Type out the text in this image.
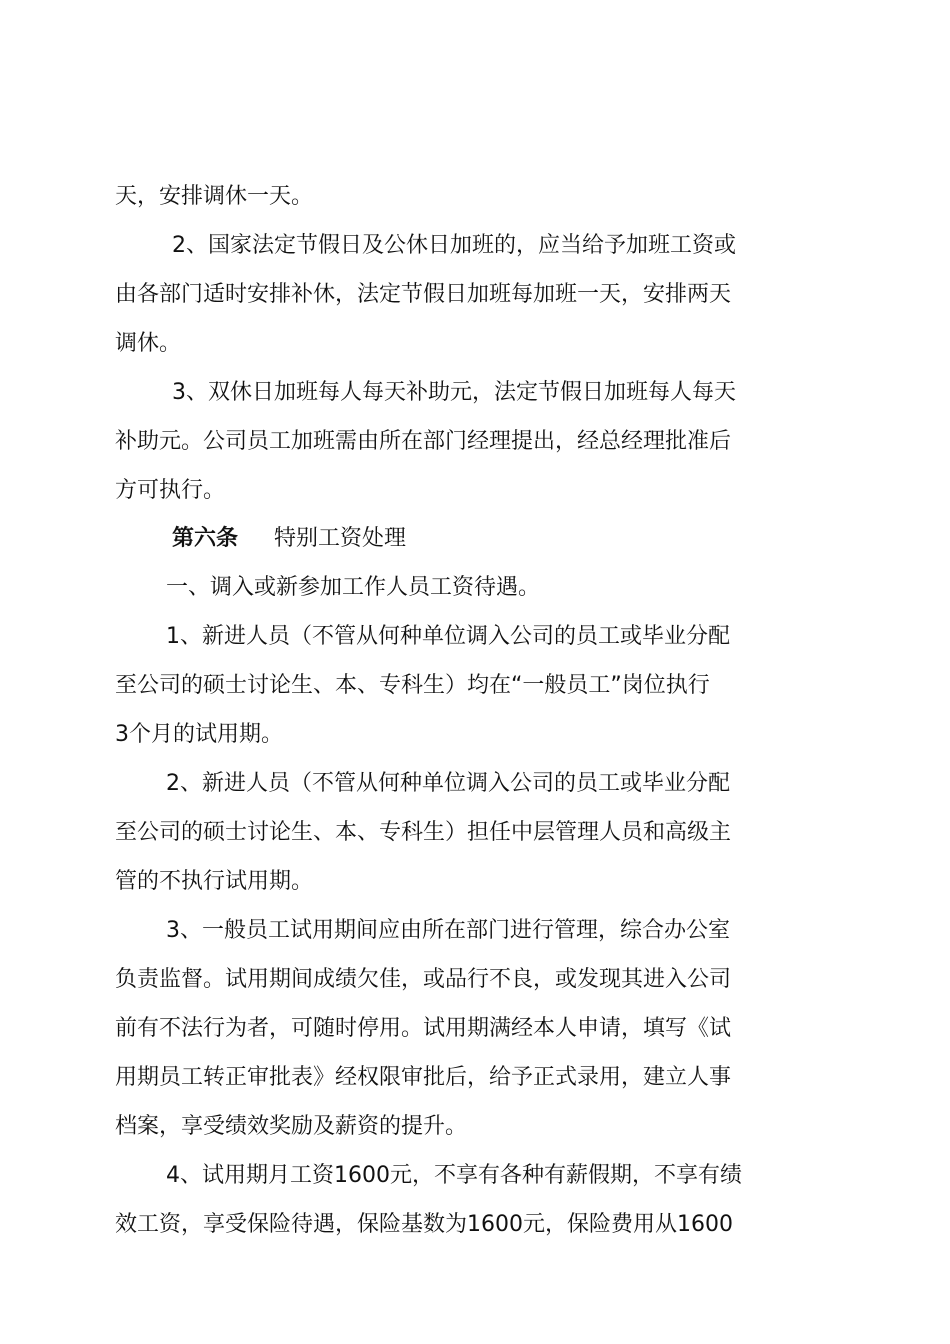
天，安排调休一天。
2、国家法定节假日及公休日加班的，应当给予加班工资或
由各部门适时安排补休，法定节假日加班每加班一天，安排两天
调休。
3、双休日加班每人每天补助元，法定节假日加班每人每天
补助元。公司员工加班需由所在部门经理提出，经总经理批准后
方可执行。
第六条 特别工资处理
一、调入或新参加工作人员工资待遇。
1、新进人员（不管从何种单位调入公司的员工或毕业分配
至公司的硕士讨论生、本、专科生）均在“一般员工”岗位执行
3个月的试用期。
2、新进人员（不管从何种单位调入公司的员工或毕业分配
至公司的硕士讨论生、本、专科生）担任中层管理人员和高级主
管的不执行试用期。
3、一般员工试用期间应由所在部门进行管理，综合办公室
负责监督。试用期间成绩欠佳，或品行不良，或发现其进入公司
前有不法行为者，可随时停用。试用期满经本人申请，填写《试
用期员工转正审批表》经权限审批后，给予正式录用，建立人事
档案，享受绩效奖励及薪资的提升。
4、试用期月工资1600元，不享有各种有薪假期，不享有绩
效工资，享受保险待遇，保险基数为1600元，保险费用从1600
